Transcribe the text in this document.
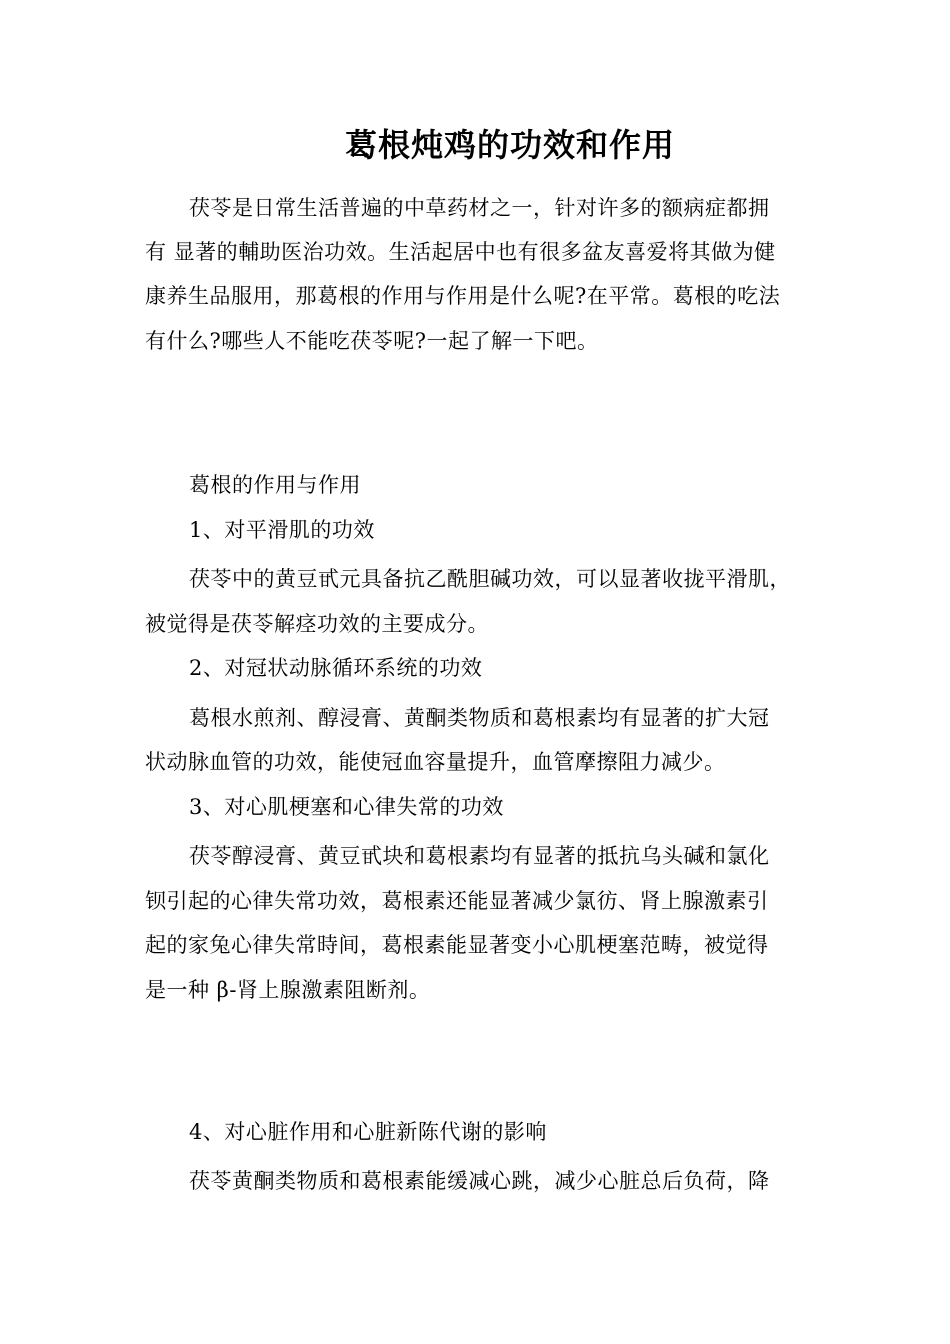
葛根炖鸡的功效和作用
茯苓是日常生活普遍的中草药材之一，针对许多的额病症都拥
有 显著的輔助医治功效。生活起居中也有很多盆友喜爱将其做为健
康养生品服用，那葛根的作用与作用是什么呢?在平常。葛根的吃法
有什么?哪些人不能吃茯苓呢?一起了解一下吧。
葛根的作用与作用
1、对平滑肌的功效
茯苓中的黄豆甙元具备抗乙酰胆碱功效，可以显著收拢平滑肌，
被觉得是茯苓解痉功效的主要成分。
2、对冠状动脉循环系统的功效
葛根水煎剂、醇浸膏、黄酮类物质和葛根素均有显著的扩大冠
状动脉血管的功效，能使冠血容量提升，血管摩擦阻力减少。
3、对心肌梗塞和心律失常的功效
茯苓醇浸膏、黄豆甙块和葛根素均有显著的抵抗乌头碱和氯化
钡引起的心律失常功效，葛根素还能显著减少氯彷、肾上腺激素引
起的家兔心律失常時间，葛根素能显著变小心肌梗塞范畴，被觉得
是一种 β-肾上腺激素阻断剂。
4、对心脏作用和心脏新陈代谢的影响
茯苓黄酮类物质和葛根素能缓减心跳，减少心脏总后负荷，降
